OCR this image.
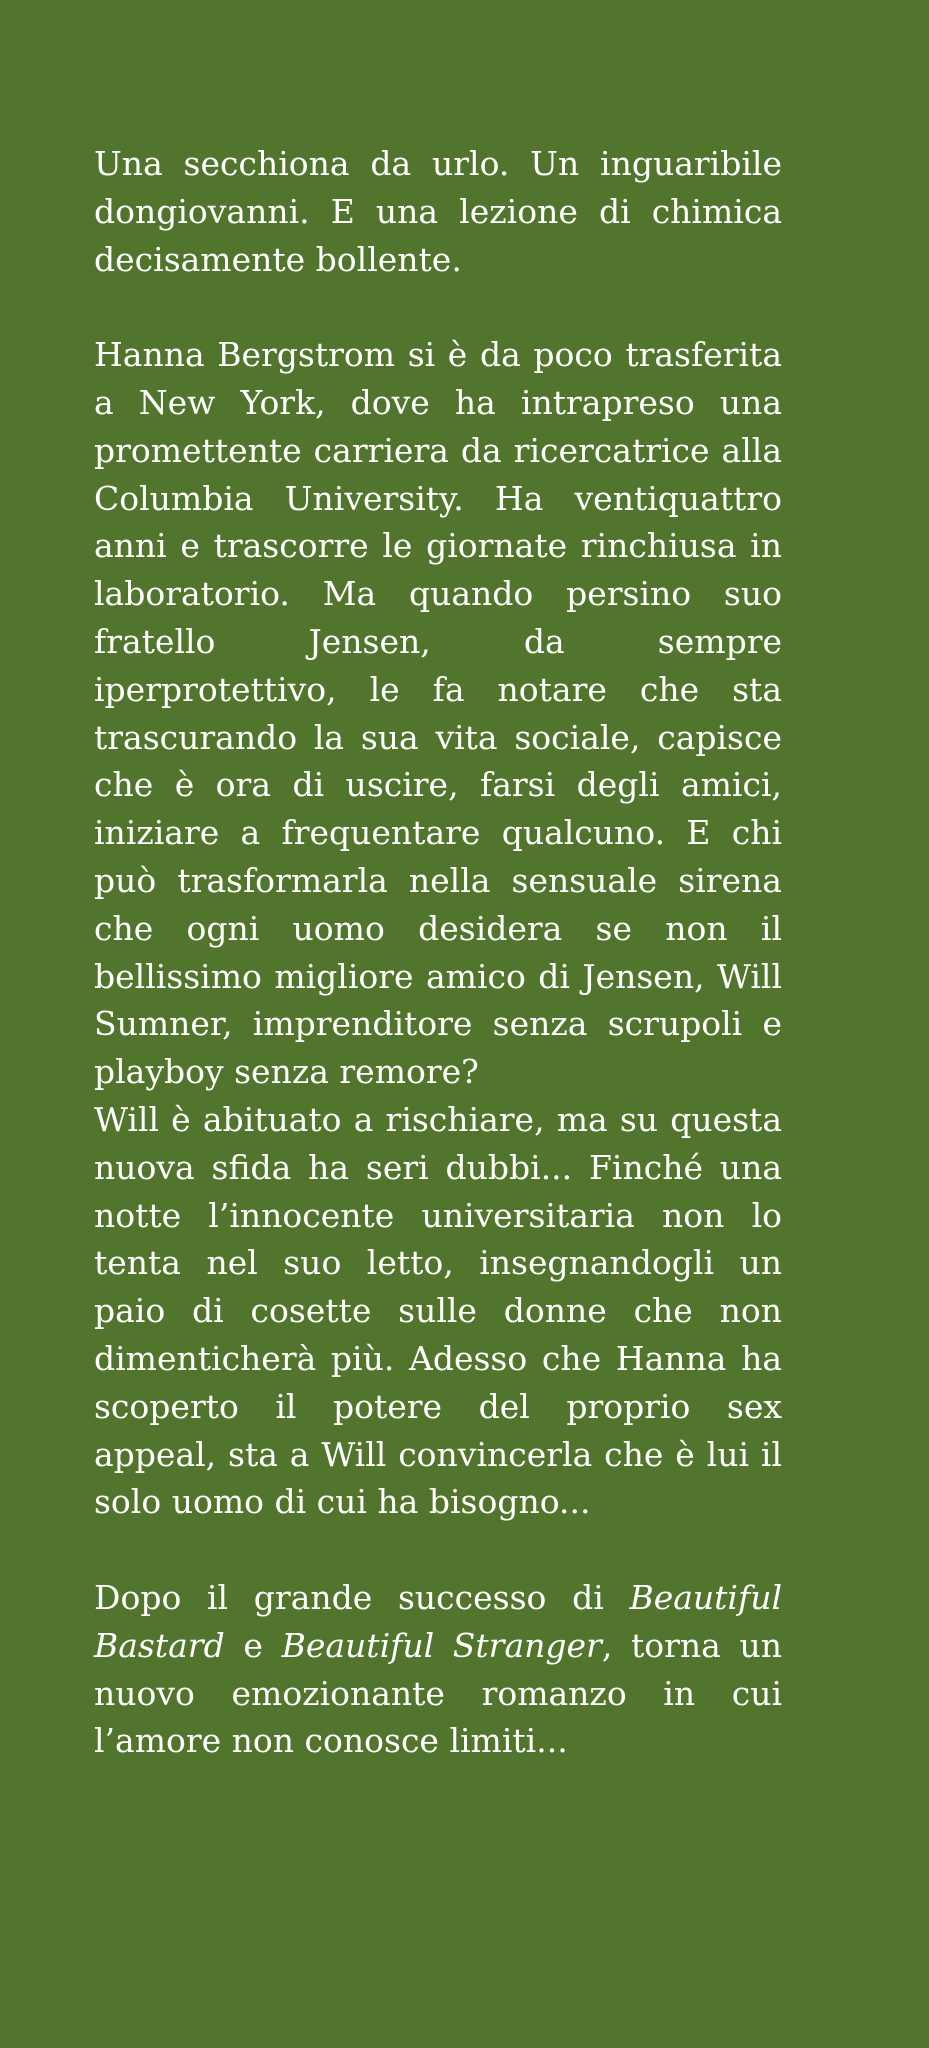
Una secchiona da urlo. Un inguaribile dongiovanni. E una lezione di chimica decisamente bollente.

Hanna Bergstrom si è da poco trasferita a New York, dove ha intrapreso una promettente carriera da ricercatrice alla Columbia University. Ha ventiquattro anni e trascorre le giornate rinchiusa in laboratorio. Ma quando persino suo fratello Jensen, da sempre iperprotettivo, le fa notare che sta trascurando la sua vita sociale, capisce che è ora di uscire, farsi degli amici, iniziare a frequentare qualcuno. E chi può trasformarla nella sensuale sirena che ogni uomo desidera se non il bellissimo migliore amico di Jensen, Will Sumner, imprenditore senza scrupoli e playboy senza remore?

Will è abituato a rischiare, ma su questa nuova sfida ha seri dubbi... Finché una notte l’innocente universitaria non lo tenta nel suo letto, insegnandogli un paio di cosette sulle donne che non dimenticherà più. Adesso che Hanna ha scoperto il potere del proprio sex appeal, sta a Will convincerla che è lui il solo uomo di cui ha bisogno...

Dopo il grande successo di Beautiful Bastard e Beautiful Stranger, torna un nuovo emozionante romanzo in cui l’amore non conosce limiti...
